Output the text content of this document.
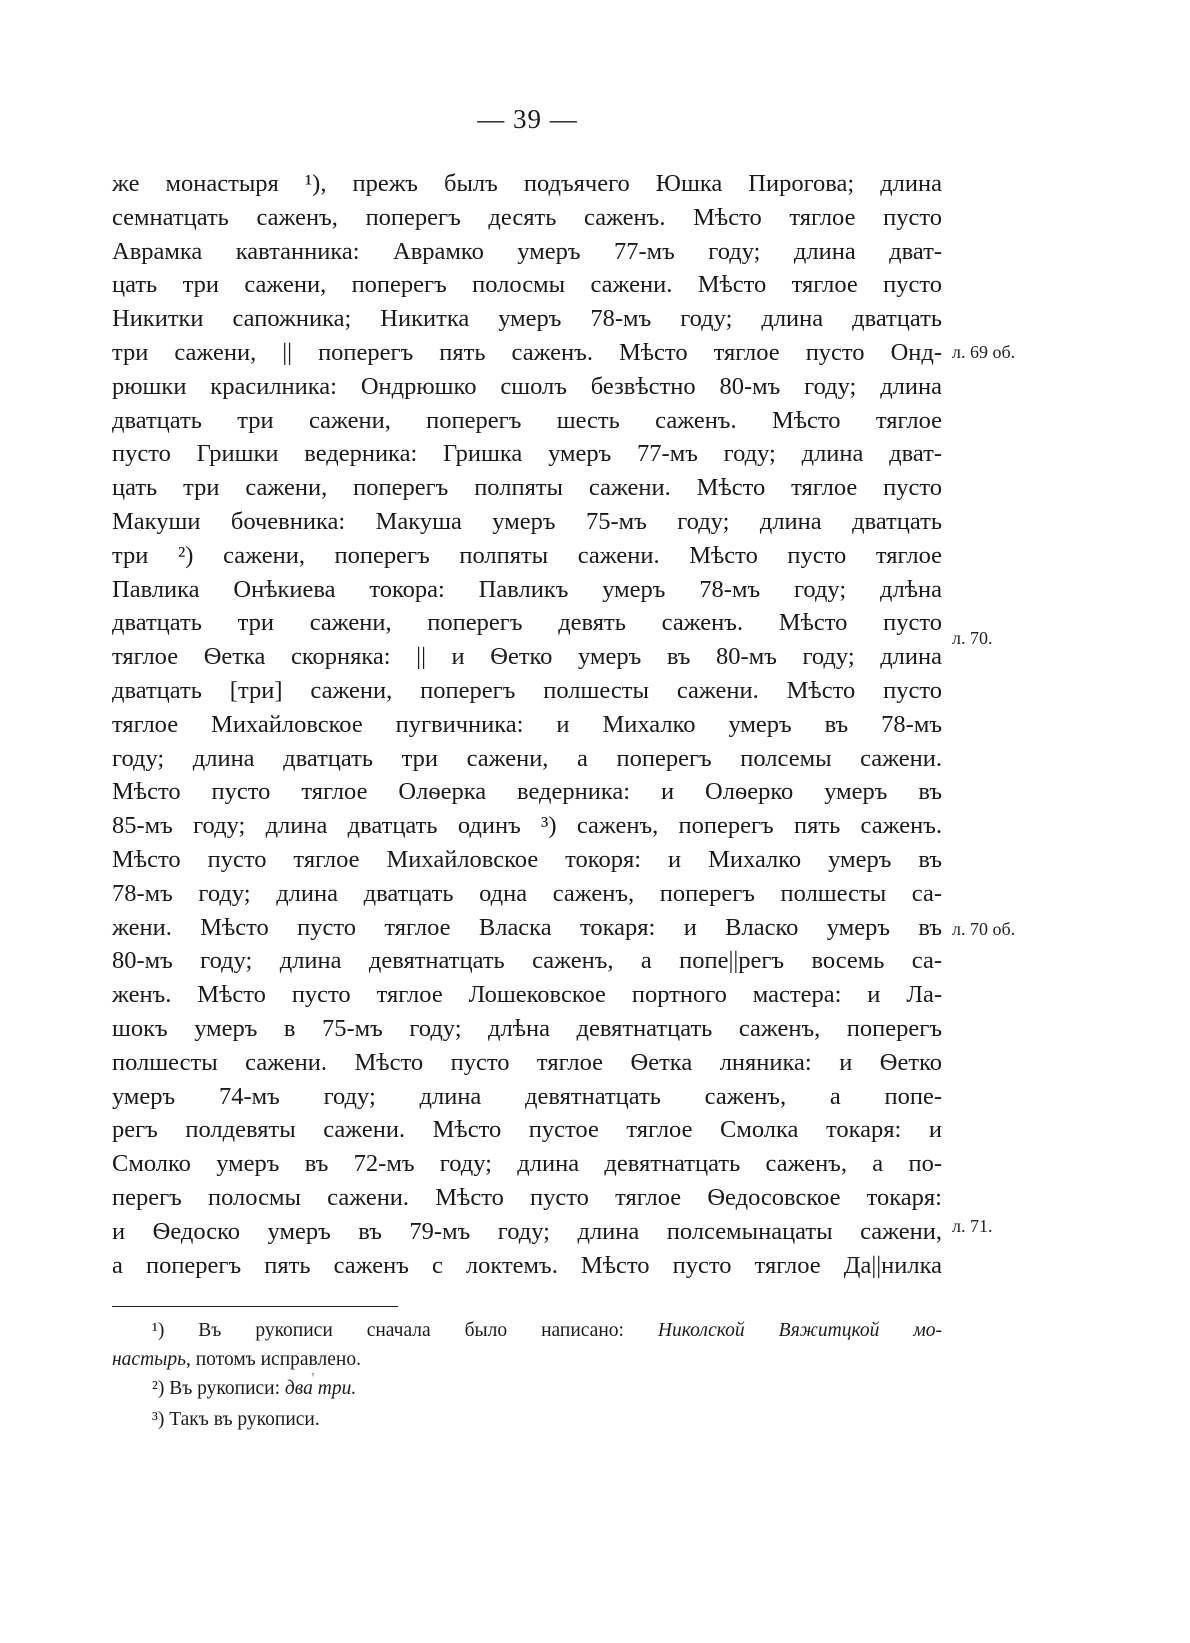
— 39 —
же монастыря ¹), прежъ былъ подъячего Юшка Пирогова; длина
семнатцать саженъ, поперегъ десять саженъ. Мѣсто тяглое пусто
Аврамка кавтанника: Аврамко умеръ 77-мъ году; длина дват-
цать три сажени, поперегъ полосмы сажени. Мѣсто тяглое пусто
Никитки сапожника; Никитка умеръ 78-мъ году; длина дватцать
три сажени, || поперегъ пять саженъ. Мѣсто тяглое пусто Онд-
рюшки красилника: Ондрюшко сшолъ безвѣстно 80-мъ году; длина
дватцать три сажени, поперегъ шесть саженъ. Мѣсто тяглое
пусто Гришки ведерника: Гришка умеръ 77-мъ году; длина дват-
цать три сажени, поперегъ полпяты сажени. Мѣсто тяглое пусто
Макуши бочевника: Макуша умеръ 75-мъ году; длина дватцать
три ²) сажени, поперегъ полпяты сажени. Мѣсто пусто тяглое
Павлика Онѣкиева токора: Павликъ умеръ 78-мъ году; длѣна
дватцать три сажени, поперегъ девять саженъ. Мѣсто пусто
тяглое Ѳетка скорняка: || и Ѳетко умеръ въ 80-мъ году; длина
дватцать [три] сажени, поперегъ полшесты сажени. Мѣсто пусто
тяглое Михайловское пугвичника: и Михалко умеръ въ 78-мъ
году; длина дватцать три сажени, а поперегъ полсемы сажени.
Мѣсто пусто тяглое Олѳерка ведерника: и Олѳерко умеръ въ
85-мъ году; длина дватцать одинъ ³) саженъ, поперегъ пять саженъ.
Мѣсто пусто тяглое Михайловское токоря: и Михалко умеръ въ
78-мъ году; длина дватцать одна саженъ, поперегъ полшесты са-
жени. Мѣсто пусто тяглое Власка токаря: и Власко умеръ въ
80-мъ году; длина девятнатцать саженъ, а попе||регъ восемь са-
женъ. Мѣсто пусто тяглое Лошековское портного мастера: и Ла-
шокъ умеръ в 75-мъ году; длѣна девятнатцать саженъ, поперегъ
полшесты сажени. Мѣсто пусто тяглое Ѳетка лняника: и Ѳетко
умеръ 74-мъ году; длина девятнатцать саженъ, а попе-
регъ полдевяты сажени. Мѣсто пустое тяглое Смолка токаря: и
Смолко умеръ въ 72-мъ году; длина девятнатцать саженъ, а по-
перегъ полосмы сажени. Мѣсто пусто тяглое Ѳедосовское токаря:
и Ѳедоско умеръ въ 79-мъ году; длина полсемынацаты сажени,
а поперегъ пять саженъ с локтемъ. Мѣсто пусто тяглое Да||нилка
л. 69 об.
л. 70.
л. 70 об.
л. 71.
¹) Въ рукописи сначала было написано: Николской Вяжитцкой мо-
настырь, потомъ исправлено.
²) Въ рукописи: два три.
³) Такъ въ рукописи.
